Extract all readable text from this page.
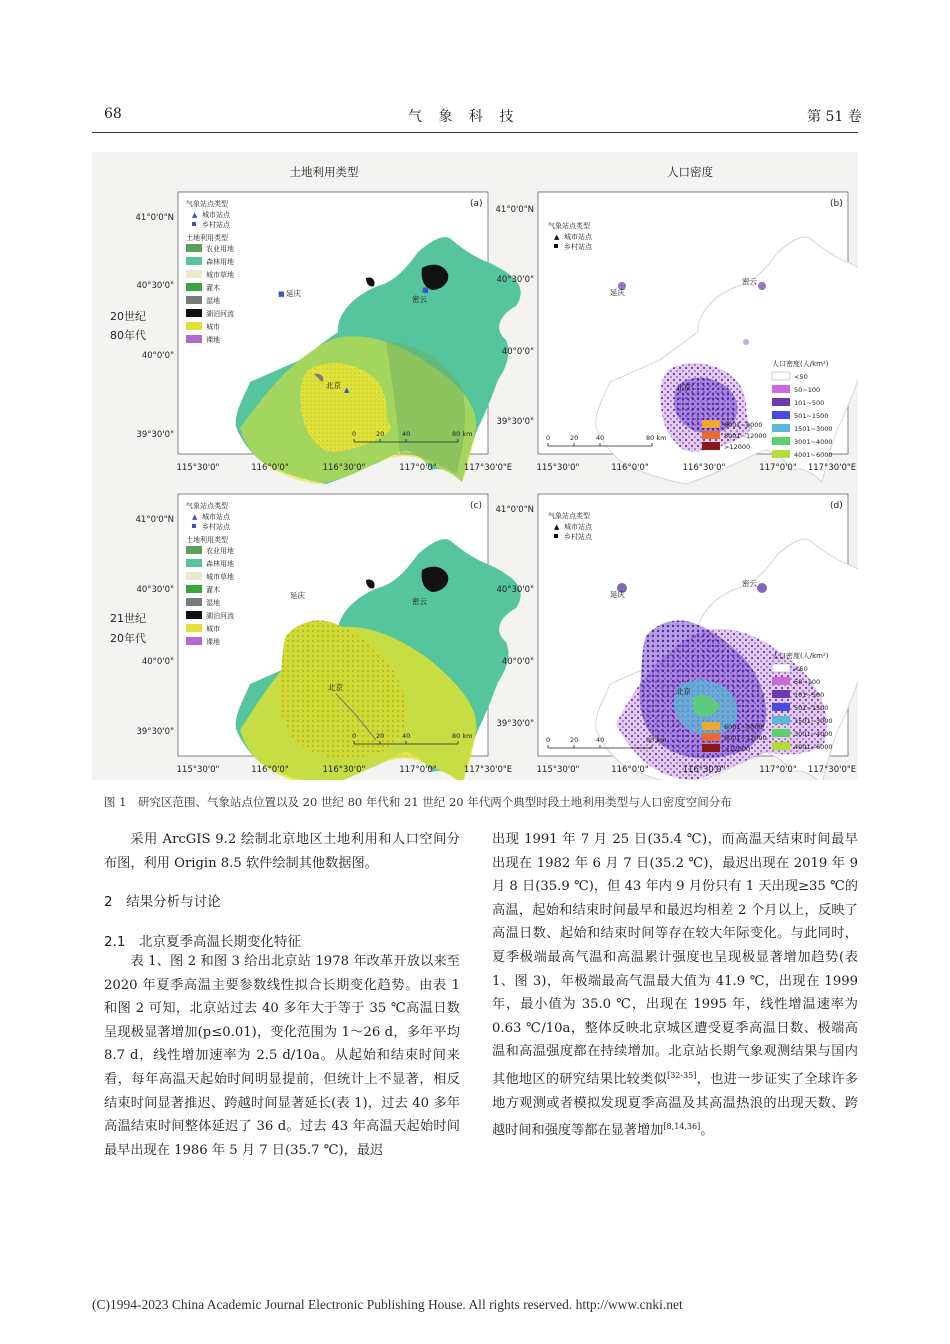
68	气 象 科 技	第 51 卷
土地利用类型	人口密度
20世纪
80年代
21世纪
20年代
(a)
气象站点类型
▲ 城市站点
乡村站点
土地利用类型
农业用地
森林用地
城市草地
灌木
湿地
湖泊河流
城市
裸地
■ 延庆	■
密云
▲
北京
0	20	40	80 km
(b)
气象站点类型
▲ 城市站点
乡村站点
延庆
密云
北京
人口密度(人/km²)
<50
50~100
101~500
501~1500
1501~3000
3001~4000
4001~6000
6001~8000
8001~12000
>12000
0	20	40	80 km
(c)
气象站点类型
▲ 城市站点
乡村站点
土地利用类型
农业用地
森林用地
城市草地
灌木
湿地
湖泊河流
城市
裸地
延庆
密云
北京
0	20	40	80 km
(d)
气象站点类型
▲ 城市站点
乡村站点
延庆
密云
北京
人口密度(人/km²)
<50
50~100
101~500
501~1500
1501~3000
3001~4000
4001~6000
6001~8000
8001~12000
>12000
0	20	40	80 km
41°0'0"N
40°30'0"
40°0'0"
39°30'0"
41°0'0"N
40°30'0"
40°0'0"
39°30'0"
41°0'0"N
40°30'0"
40°0'0"
39°30'0"
41°0'0"N
40°30'0"
40°0'0"
39°30'0"
115°30'0"	116°0'0"	116°30'0"	117°0'0"	117°30'0"E	115°30'0"	116°0'0"	116°30'0"	117°0'0" 117°30'0"E
115°30'0"	116°0'0"	116°30'0"	117°0'0"	117°30'0"E	115°30'0"	116°0'0"	116°30'0"	117°0'0" 117°30'0"E
图 1　研究区范围、气象站点位置以及 20 世纪 80 年代和 21 世纪 20 年代两个典型时段土地利用类型与人口密度空间分布

采用 ArcGIS 9.2 绘制北京地区土地利用和人口空间分布图，利用 Origin 8.5 软件绘制其他数据图。

2　结果分析与讨论
2.1　北京夏季高温长期变化特征

表 1、图 2 和图 3 给出北京站 1978 年改革开放以来至 2020 年夏季高温主要参数线性拟合长期变化趋势。由表 1 和图 2 可知，北京站过去 40 多年大于等于 35 ℃高温日数呈现极显著增加(p≤0.01)，变化范围为 1～26 d，多年平均 8.7 d，线性增加速率为 2.5 d/10a。从起始和结束时间来看，每年高温天起始时间明显提前，但统计上不显著，相反结束时间显著推迟、跨越时间显著延长(表 1)，过去 40 多年高温结束时间整体延迟了 36 d。过去 43 年高温天起始时间最早出现在 1986 年 5 月 7 日(35.7 ℃)，最迟

出现 1991 年 7 月 25 日(35.4 ℃)，而高温天结束时间最早出现在 1982 年 6 月 7 日(35.2 ℃)，最迟出现在 2019 年 9 月 8 日(35.9 ℃)，但 43 年内 9 月份只有 1 天出现≥35 ℃的高温，起始和结束时间最早和最迟均相差 2 个月以上，反映了高温日数、起始和结束时间等存在较大年际变化。与此同时，夏季极端最高气温和高温累计强度也呈现极显著增加趋势(表 1、图 3)，年极端最高气温最大值为 41.9 ℃，出现在 1999 年，最小值为 35.0 ℃，出现在 1995 年，线性增温速率为 0.63 ℃/10a，整体反映北京城区遭受夏季高温日数、极端高温和高温强度都在持续增加。北京站长期气象观测结果与国内其他地区的研究结果比较类似[32-35]，也进一步证实了全球许多地方观测或者模拟发现夏季高温及其高温热浪的出现天数、跨越时间和强度等都在显著增加[8,14,36]。

(C)1994-2023 China Academic Journal Electronic Publishing House. All rights reserved. http://www.cnki.net
